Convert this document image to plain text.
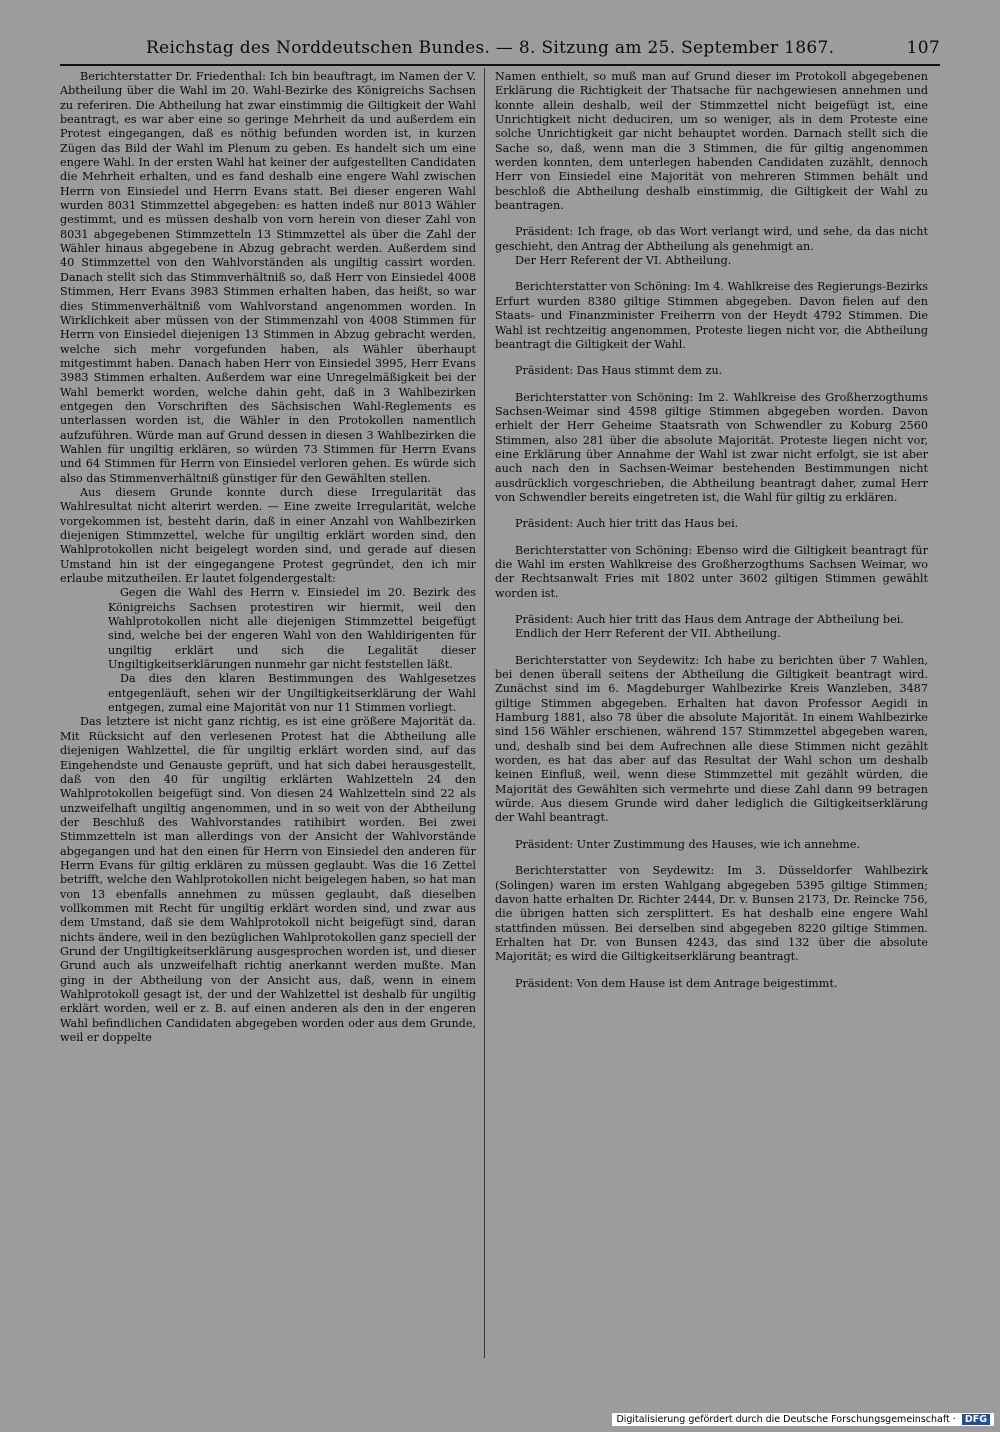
Reichstag des Norddeutschen Bundes. — 8. Sitzung am 25. September 1867.	107

Berichterstatter Dr. Friedenthal: Ich bin beauftragt, im Namen der V. Abtheilung über die Wahl im 20. Wahl-Bezirke des Königreichs Sachsen zu referiren. Die Abtheilung hat zwar einstimmig die Giltigkeit der Wahl beantragt, es war aber eine so geringe Mehrheit da und außerdem ein Protest eingegangen, daß es nöthig befunden worden ist, in kurzen Zügen das Bild der Wahl im Plenum zu geben. Es handelt sich um eine engere Wahl. In der ersten Wahl hat keiner der aufgestellten Candidaten die Mehrheit erhalten, und es fand deshalb eine engere Wahl zwischen Herrn von Einsiedel und Herrn Evans statt. Bei dieser engeren Wahl wurden 8031 Stimmzettel abgegeben: es hatten indeß nur 8013 Wähler gestimmt, und es müssen deshalb von vorn herein von dieser Zahl von 8031 abgegebenen Stimmzetteln 13 Stimmzettel als über die Zahl der Wähler hinaus abgegebene in Abzug gebracht werden. Außerdem sind 40 Stimmzettel von den Wahlvorständen als ungiltig cassirt worden. Danach stellt sich das Stimmverhältniß so, daß Herr von Einsiedel 4008 Stimmen, Herr Evans 3983 Stimmen erhalten haben, das heißt, so war dies Stimmenverhältniß vom Wahlvorstand angenommen worden. In Wirklichkeit aber müssen von der Stimmenzahl von 4008 Stimmen für Herrn von Einsiedel diejenigen 13 Stimmen in Abzug gebracht werden, welche sich mehr vorgefunden haben, als Wähler überhaupt mitgestimmt haben. Danach haben Herr von Einsiedel 3995, Herr Evans 3983 Stimmen erhalten. Außerdem war eine Unregelmäßigkeit bei der Wahl bemerkt worden, welche dahin geht, daß in 3 Wahlbezirken entgegen den Vorschriften des Sächsischen Wahl-Reglements es unterlassen worden ist, die Wähler in den Protokollen namentlich aufzuführen. Würde man auf Grund dessen in diesen 3 Wahlbezirken die Wahlen für ungiltig erklären, so würden 73 Stimmen für Herrn Evans und 64 Stimmen für Herrn von Einsiedel verloren gehen. Es würde sich also das Stimmenverhältniß günstiger für den Gewählten stellen.

Aus diesem Grunde konnte durch diese Irregularität das Wahlresultat nicht alterirt werden. — Eine zweite Irregularität, welche vorgekommen ist, besteht darin, daß in einer Anzahl von Wahlbezirken diejenigen Stimmzettel, welche für ungiltig erklärt worden sind, den Wahlprotokollen nicht beigelegt worden sind, und gerade auf diesen Umstand hin ist der eingegangene Protest gegründet, den ich mir erlaube mitzutheilen. Er lautet folgendergestalt:

Gegen die Wahl des Herrn v. Einsiedel im 20. Bezirk des Königreichs Sachsen protestiren wir hiermit, weil den Wahlprotokollen nicht alle diejenigen Stimmzettel beigefügt sind, welche bei der engeren Wahl von den Wahldirigenten für ungiltig erklärt und sich die Legalität dieser Ungiltigkeitserklärungen nunmehr gar nicht feststellen läßt.

Da dies den klaren Bestimmungen des Wahlgesetzes entgegenläuft, sehen wir der Ungiltigkeitserklärung der Wahl entgegen, zumal eine Majorität von nur 11 Stimmen vorliegt.

Das letztere ist nicht ganz richtig, es ist eine größere Majorität da. Mit Rücksicht auf den verlesenen Protest hat die Abtheilung alle diejenigen Wahlzettel, die für ungiltig erklärt worden sind, auf das Eingehendste und Genauste geprüft, und hat sich dabei herausgestellt, daß von den 40 für ungiltig erklärten Wahlzetteln 24 den Wahlprotokollen beigefügt sind. Von diesen 24 Wahlzetteln sind 22 als unzweifelhaft ungiltig angenommen, und in so weit von der Abtheilung der Beschluß des Wahlvorstandes ratihibirt worden. Bei zwei Stimmzetteln ist man allerdings von der Ansicht der Wahlvorstände abgegangen und hat den einen für Herrn von Einsiedel den anderen für Herrn Evans für giltig erklären zu müssen geglaubt. Was die 16 Zettel betrifft, welche den Wahlprotokollen nicht beigelegen haben, so hat man von 13 ebenfalls annehmen zu müssen geglaubt, daß dieselben vollkommen mit Recht für ungiltig erklärt worden sind, und zwar aus dem Umstand, daß sie dem Wahlprotokoll nicht beigefügt sind, daran nichts ändere, weil in den bezüglichen Wahlprotokollen ganz speciell der Grund der Ungiltigkeitserklärung ausgesprochen worden ist, und dieser Grund auch als unzweifelhaft richtig anerkannt werden mußte. Man ging in der Abtheilung von der Ansicht aus, daß, wenn in einem Wahlprotokoll gesagt ist, der und der Wahlzettel ist deshalb für ungiltig erklärt worden, weil er z. B. auf einen anderen als den in der engeren Wahl befindlichen Candidaten abgegeben worden oder aus dem Grunde, weil er doppelte

Namen enthielt, so muß man auf Grund dieser im Protokoll abgegebenen Erklärung die Richtigkeit der Thatsache für nachgewiesen annehmen und konnte allein deshalb, weil der Stimmzettel nicht beigefügt ist, eine Unrichtigkeit nicht deduciren, um so weniger, als in dem Proteste eine solche Unrichtigkeit gar nicht behauptet worden. Darnach stellt sich die Sache so, daß, wenn man die 3 Stimmen, die für giltig angenommen werden konnten, dem unterlegen habenden Candidaten zuzählt, dennoch Herr von Einsiedel eine Majorität von mehreren Stimmen behält und beschloß die Abtheilung deshalb einstimmig, die Giltigkeit der Wahl zu beantragen.

Präsident: Ich frage, ob das Wort verlangt wird, und sehe, da das nicht geschieht, den Antrag der Abtheilung als genehmigt an.

Der Herr Referent der VI. Abtheilung.

Berichterstatter von Schöning: Im 4. Wahlkreise des Regierungs-Bezirks Erfurt wurden 8380 giltige Stimmen abgegeben. Davon fielen auf den Staats- und Finanzminister Freiherrn von der Heydt 4792 Stimmen. Die Wahl ist rechtzeitig angenommen, Proteste liegen nicht vor, die Abtheilung beantragt die Giltigkeit der Wahl.

Präsident: Das Haus stimmt dem zu.

Berichterstatter von Schöning: Im 2. Wahlkreise des Großherzogthums Sachsen-Weimar sind 4598 giltige Stimmen abgegeben worden. Davon erhielt der Herr Geheime Staatsrath von Schwendler zu Koburg 2560 Stimmen, also 281 über die absolute Majorität. Proteste liegen nicht vor, eine Erklärung über Annahme der Wahl ist zwar nicht erfolgt, sie ist aber auch nach den in Sachsen-Weimar bestehenden Bestimmungen nicht ausdrücklich vorgeschrieben, die Abtheilung beantragt daher, zumal Herr von Schwendler bereits eingetreten ist, die Wahl für giltig zu erklären.

Präsident: Auch hier tritt das Haus bei.

Berichterstatter von Schöning: Ebenso wird die Giltigkeit beantragt für die Wahl im ersten Wahlkreise des Großherzogthums Sachsen Weimar, wo der Rechtsanwalt Fries mit 1802 unter 3602 giltigen Stimmen gewählt worden ist.

Präsident: Auch hier tritt das Haus dem Antrage der Abtheilung bei.

Endlich der Herr Referent der VII. Abtheilung.

Berichterstatter von Seydewitz: Ich habe zu berichten über 7 Wahlen, bei denen überall seitens der Abtheilung die Giltigkeit beantragt wird. Zunächst sind im 6. Magdeburger Wahlbezirke Kreis Wanzleben, 3487 giltige Stimmen abgegeben. Erhalten hat davon Professor Aegidi in Hamburg 1881, also 78 über die absolute Majorität. In einem Wahlbezirke sind 156 Wähler erschienen, während 157 Stimmzettel abgegeben waren, und, deshalb sind bei dem Aufrechnen alle diese Stimmen nicht gezählt worden, es hat das aber auf das Resultat der Wahl schon um deshalb keinen Einfluß, weil, wenn diese Stimmzettel mit gezählt würden, die Majorität des Gewählten sich vermehrte und diese Zahl dann 99 betragen würde. Aus diesem Grunde wird daher lediglich die Giltigkeitserklärung der Wahl beantragt.

Präsident: Unter Zustimmung des Hauses, wie ich annehme.

Berichterstatter von Seydewitz: Im 3. Düsseldorfer Wahlbezirk (Solingen) waren im ersten Wahlgang abgegeben 5395 giltige Stimmen; davon hatte erhalten Dr. Richter 2444, Dr. v. Bunsen 2173, Dr. Reincke 756, die übrigen hatten sich zersplittert. Es hat deshalb eine engere Wahl stattfinden müssen. Bei derselben sind abgegeben 8220 giltige Stimmen. Erhalten hat Dr. von Bunsen 4243, das sind 132 über die absolute Majorität; es wird die Giltigkeitserklärung beantragt.

Präsident: Von dem Hause ist dem Antrage beigestimmt.

Digitalisierung gefördert durch die Deutsche Forschungsgemeinschaft · DFG
